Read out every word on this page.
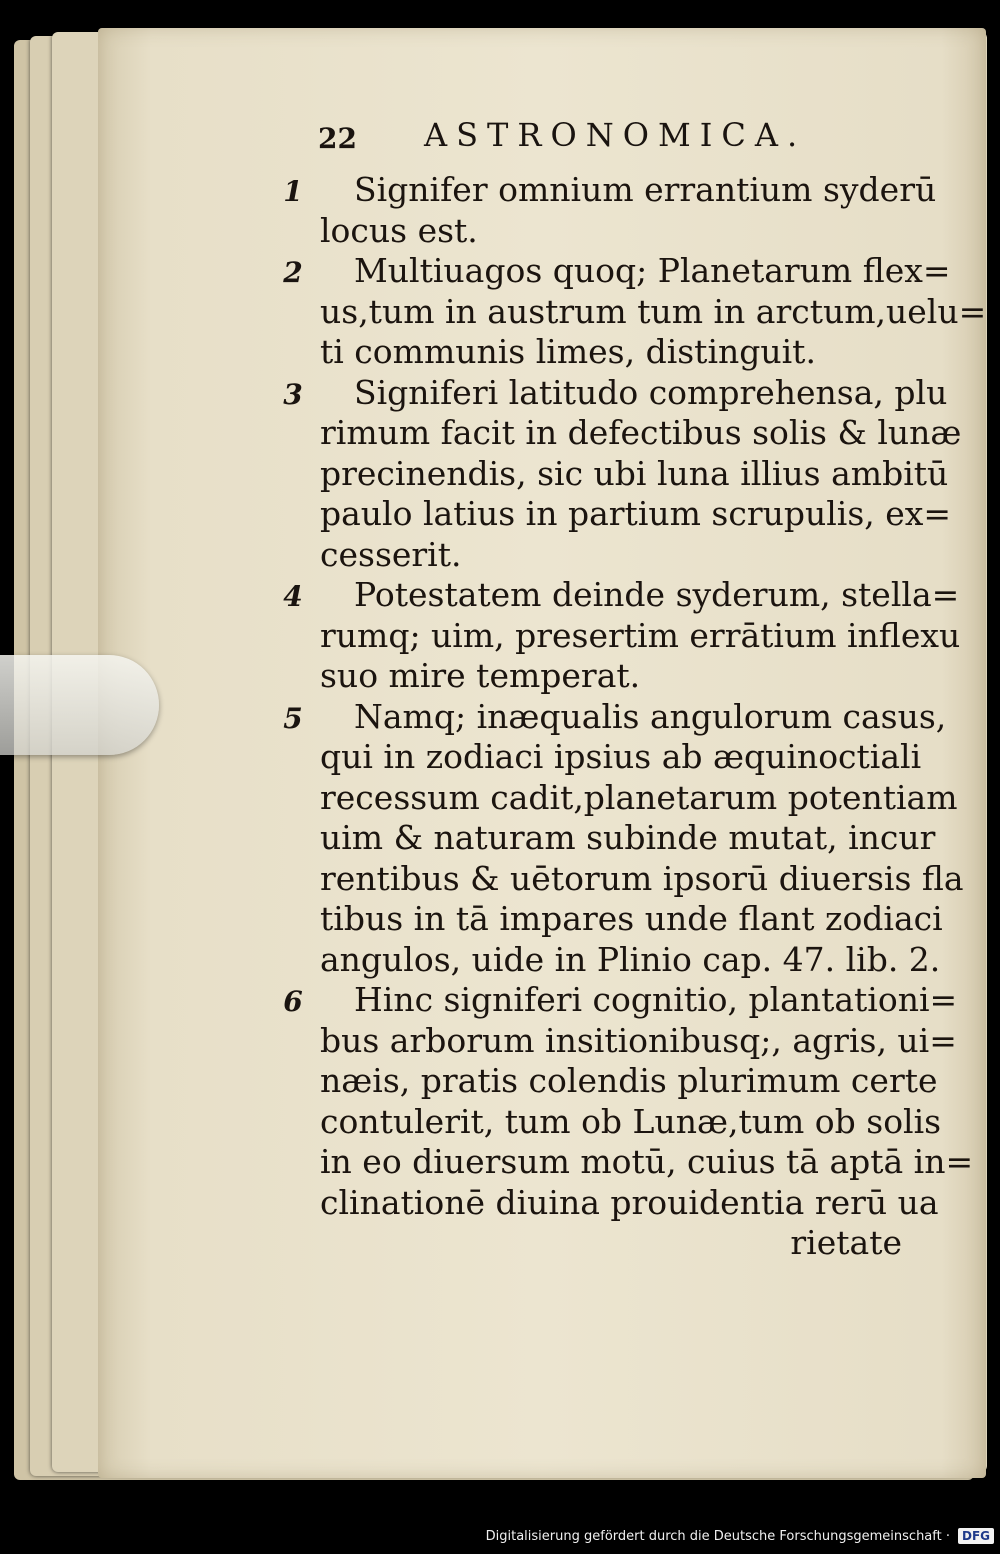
22 ASTRONOMICA.
1	Signifer omnium errantium syderū
locus est.
2	Multiuagos quoq; Planetarum flex=
us,tum in austrum tum in arctum,uelu=
ti communis limes, distinguit.
3	Signiferi latitudo comprehensa, plu
rimum facit in defectibus solis & lunæ
precinendis, sic ubi luna illius ambitū
paulo latius in partium scrupulis, ex=
cesserit.
4	Potestatem deinde syderum, stella=
rumq; uim, presertim errātium inflexu
suo mire temperat.
5	Namq; inæqualis angulorum casus,
qui in zodiaci ipsius ab æquinoctiali
recessum cadit,planetarum potentiam
uim & naturam subinde mutat, incur
rentibus & uētorum ipsorū diuersis fla
tibus in tā impares unde flant zodiaci
angulos, uide in Plinio cap. 47. lib. 2.
6	Hinc signiferi cognitio, plantationi=
bus arborum insitionibusq;, agris, ui=
næis, pratis colendis plurimum certe
contulerit, tum ob Lunæ,tum ob solis
in eo diuersum motū, cuius tā aptā in=
clinationē diuina prouidentia rerū ua
rietate
Digitalisierung gefördert durch die Deutsche Forschungsgemeinschaft ·	DFG
